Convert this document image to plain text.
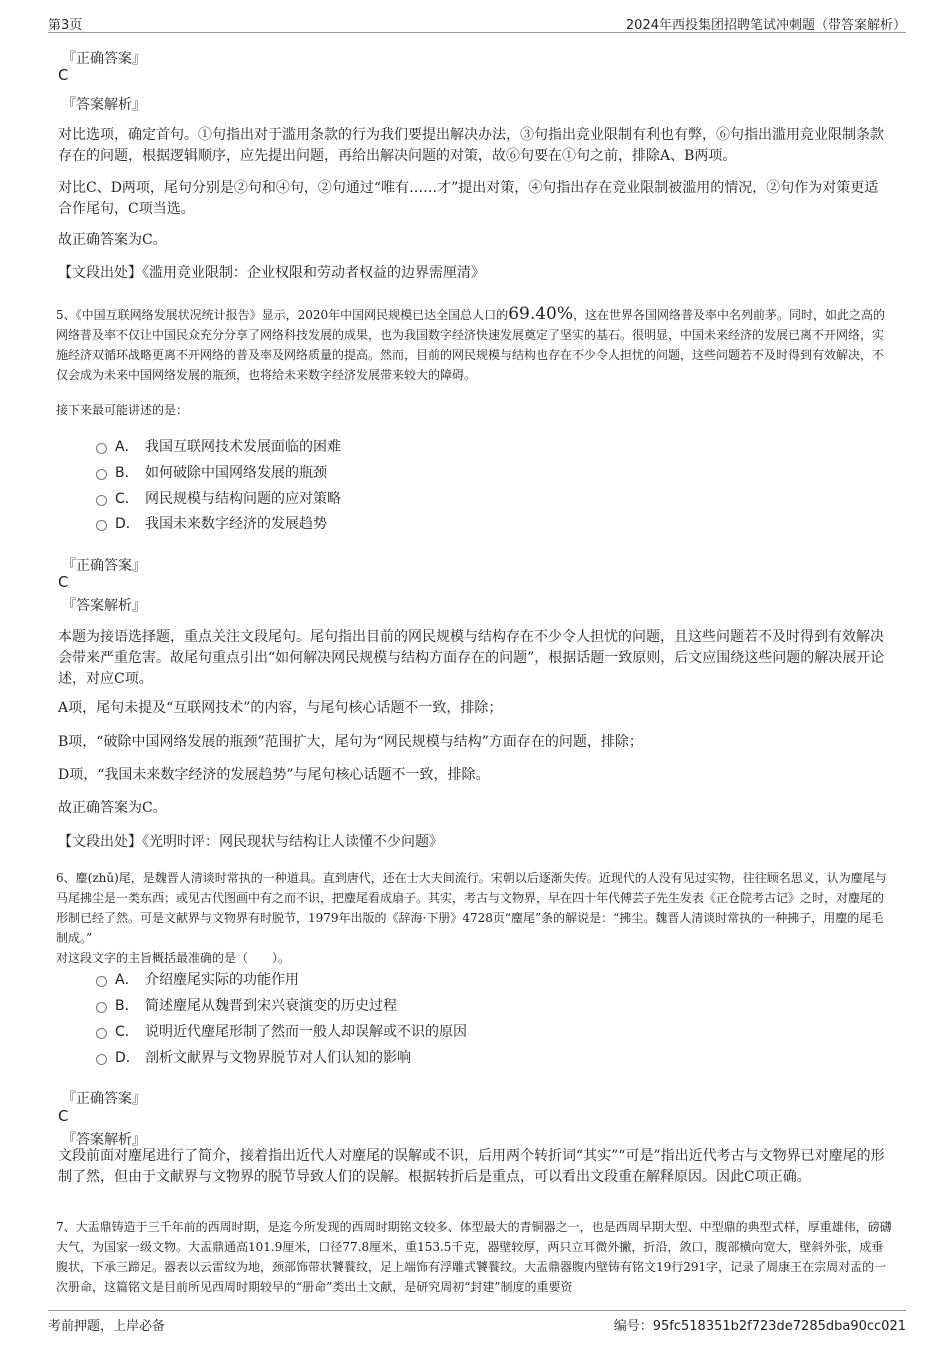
第3页	2024年西投集团招聘笔试冲刺题（带答案解析）
『正确答案』
C
『答案解析』
对比选项，确定首句。①句指出对于滥用条款的行为我们要提出解决办法，③句指出竞业限制有利也有弊，⑥句指出滥用竞业限制条款存在的问题，根据逻辑顺序，应先提出问题，再给出解决问题的对策，故⑥句要在①句之前，排除A、B两项。
对比C、D两项，尾句分别是②句和④句，②句通过“唯有……才”提出对策，④句指出存在竞业限制被滥用的情况，②句作为对策更适合作尾句，C项当选。
故正确答案为C。
【文段出处】《滥用竞业限制：企业权限和劳动者权益的边界需厘清》
5、《中国互联网络发展状况统计报告》显示，2020年中国网民规模已达全国总人口的69.40%，这在世界各国网络普及率中名列前茅。同时，如此之高的网络普及率不仅让中国民众充分分享了网络科技发展的成果，也为我国数字经济快速发展奠定了坚实的基石。很明显，中国未来经济的发展已离不开网络，实施经济双循环战略更离不开网络的普及率及网络质量的提高。然而，目前的网民规模与结构也存在不少令人担忧的问题，这些问题若不及时得到有效解决，不仅会成为未来中国网络发展的瓶颈，也将给未来数字经济发展带来较大的障碍。
接下来最可能讲述的是：
A． 我国互联网技术发展面临的困难
B． 如何破除中国网络发展的瓶颈
C． 网民规模与结构问题的应对策略
D． 我国未来数字经济的发展趋势
『正确答案』
C
『答案解析』
本题为接语选择题，重点关注文段尾句。尾句指出目前的网民规模与结构存在不少令人担忧的问题，且这些问题若不及时得到有效解决会带来严重危害。故尾句重点引出“如何解决网民规模与结构方面存在的问题”，根据话题一致原则，后文应围绕这些问题的解决展开论述，对应C项。
A项，尾句未提及“互联网技术”的内容，与尾句核心话题不一致，排除；
B项，“破除中国网络发展的瓶颈”范围扩大，尾句为“网民规模与结构”方面存在的问题，排除；
D项，“我国未来数字经济的发展趋势”与尾句核心话题不一致，排除。
故正确答案为C。
【文段出处】《光明时评：网民现状与结构让人读懂不少问题》
6、麈(zhǔ)尾，是魏晋人清谈时常执的一种道具。直到唐代，还在士大夫间流行。宋朝以后逐渐失传。近现代的人没有见过实物，往往顾名思义，认为麈尾与马尾拂尘是一类东西；或见古代图画中有之而不识，把麈尾看成扇子。其实，考古与文物界，早在四十年代傅芸子先生发表《正仓院考古记》之时，对麈尾的形制已经了然。可是文献界与文物界有时脱节，1979年出版的《辞海·下册》4728页“麈尾”条的解说是：“拂尘。魏晋人清谈时常执的一种拂子，用麈的尾毛制成。”
对这段文字的主旨概括最准确的是（　　）。
A． 介绍麈尾实际的功能作用
B． 简述麈尾从魏晋到宋兴衰演变的历史过程
C． 说明近代麈尾形制了然而一般人却误解或不识的原因
D． 剖析文献界与文物界脱节对人们认知的影响
『正确答案』
C
『答案解析』
文段前面对麈尾进行了简介，接着指出近代人对麈尾的误解或不识，后用两个转折词“其实”“可是”指出近代考古与文物界已对麈尾的形制了然，但由于文献界与文物界的脱节导致人们的误解。根据转折后是重点，可以看出文段重在解释原因。因此C项正确。
7、大盂鼎铸造于三千年前的西周时期，是迄今所发现的西周时期铭文较多、体型最大的青铜器之一，也是西周早期大型、中型鼎的典型式样，厚重雄伟，磅礴大气，为国家一级文物。大盂鼎通高101.9厘米，口径77.8厘米，重153.5千克，器壁较厚，两只立耳微外撇，折沿，敛口，腹部横向宽大，壁斜外张，成垂腹状，下承三蹄足。器表以云雷纹为地，颈部饰带状饕餮纹，足上端饰有浮雕式饕餮纹。大盂鼎器腹内壁铸有铭文19行291字，记录了周康王在宗周对盂的一次册命，这篇铭文是目前所见西周时期较早的“册命”类出土文献，是研究周初“封建”制度的重要资
考前押题，上岸必备	编号：95fc518351b2f723de7285dba90cc021
